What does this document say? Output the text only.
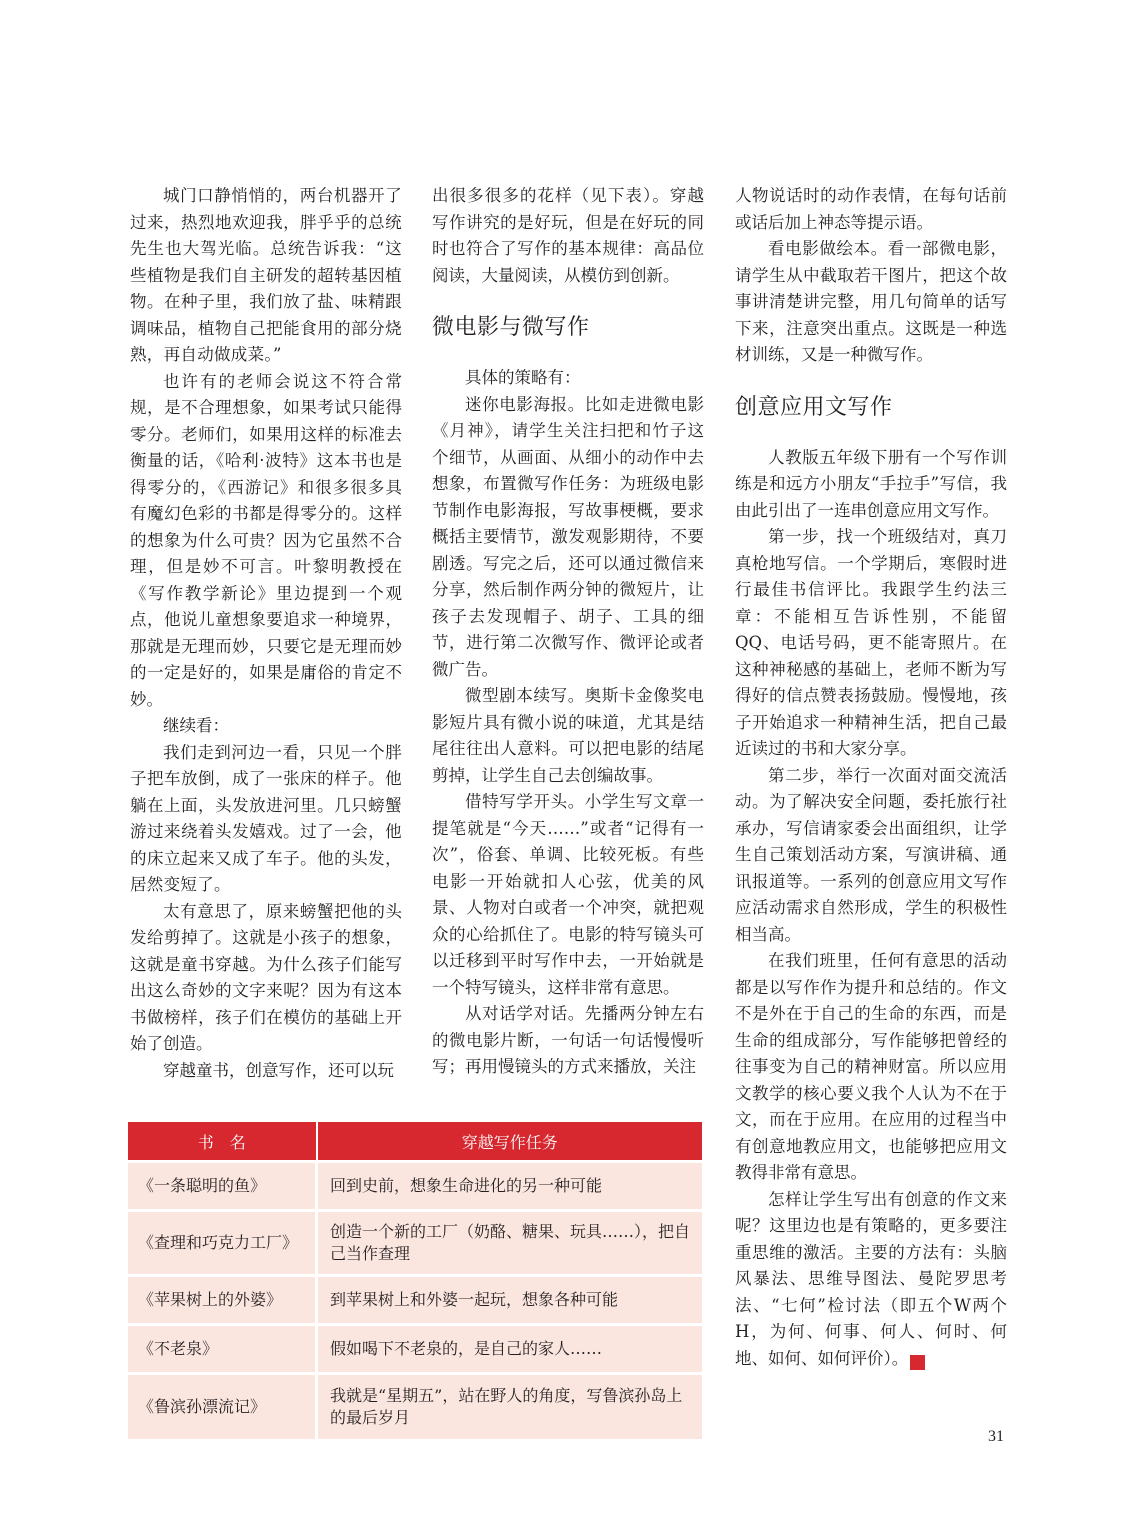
城门口静悄悄的，两台机器开了过来，热烈地欢迎我，胖乎乎的总统先生也大驾光临。总统告诉我：“这些植物是我们自主研发的超转基因植物。在种子里，我们放了盐、味精跟调味品，植物自己把能食用的部分烧熟，再自动做成菜。”

也许有的老师会说这不符合常规，是不合理想象，如果考试只能得零分。老师们，如果用这样的标准去衡量的话，《哈利·波特》这本书也是得零分的，《西游记》和很多很多具有魔幻色彩的书都是得零分的。这样的想象为什么可贵？因为它虽然不合理，但是妙不可言。叶黎明教授在《写作教学新论》里边提到一个观点，他说儿童想象要追求一种境界，那就是无理而妙，只要它是无理而妙的一定是好的，如果是庸俗的肯定不妙。

继续看：

我们走到河边一看，只见一个胖子把车放倒，成了一张床的样子。他躺在上面，头发放进河里。几只螃蟹游过来绕着头发嬉戏。过了一会，他的床立起来又成了车子。他的头发，居然变短了。

太有意思了，原来螃蟹把他的头发给剪掉了。这就是小孩子的想象，这就是童书穿越。为什么孩子们能写出这么奇妙的文字来呢？因为有这本书做榜样，孩子们在模仿的基础上开始了创造。

穿越童书，创意写作，还可以玩

出很多很多的花样（见下表）。穿越写作讲究的是好玩，但是在好玩的同时也符合了写作的基本规律：高品位阅读，大量阅读，从模仿到创新。

微电影与微写作

具体的策略有：

迷你电影海报。比如走进微电影《月神》，请学生关注扫把和竹子这个细节，从画面、从细小的动作中去想象，布置微写作任务：为班级电影节制作电影海报，写故事梗概，要求概括主要情节，激发观影期待，不要剧透。写完之后，还可以通过微信来分享，然后制作两分钟的微短片，让孩子去发现帽子、胡子、工具的细节，进行第二次微写作、微评论或者微广告。

微型剧本续写。奥斯卡金像奖电影短片具有微小说的味道，尤其是结尾往往出人意料。可以把电影的结尾剪掉，让学生自己去创编故事。

借特写学开头。小学生写文章一提笔就是“今天……”或者“记得有一次”，俗套、单调、比较死板。有些电影一开始就扣人心弦，优美的风景、人物对白或者一个冲突，就把观众的心给抓住了。电影的特写镜头可以迁移到平时写作中去，一开始就是一个特写镜头，这样非常有意思。

从对话学对话。先播两分钟左右的微电影片断，一句话一句话慢慢听写；再用慢镜头的方式来播放，关注

人物说话时的动作表情，在每句话前或话后加上神态等提示语。

看电影做绘本。看一部微电影，请学生从中截取若干图片，把这个故事讲清楚讲完整，用几句简单的话写下来，注意突出重点。这既是一种选材训练，又是一种微写作。

创意应用文写作

人教版五年级下册有一个写作训练是和远方小朋友“手拉手”写信，我由此引出了一连串创意应用文写作。

第一步，找一个班级结对，真刀真枪地写信。一个学期后，寒假时进行最佳书信评比。我跟学生约法三章：不能相互告诉性别，不能留QQ、电话号码，更不能寄照片。在这种神秘感的基础上，老师不断为写得好的信点赞表扬鼓励。慢慢地，孩子开始追求一种精神生活，把自己最近读过的书和大家分享。

第二步，举行一次面对面交流活动。为了解决安全问题，委托旅行社承办，写信请家委会出面组织，让学生自己策划活动方案，写演讲稿、通讯报道等。一系列的创意应用文写作应活动需求自然形成，学生的积极性相当高。

在我们班里，任何有意思的活动都是以写作作为提升和总结的。作文不是外在于自己的生命的东西，而是生命的组成部分，写作能够把曾经的往事变为自己的精神财富。所以应用文教学的核心要义我个人认为不在于文，而在于应用。在应用的过程当中有创意地教应用文，也能够把应用文教得非常有意思。

怎样让学生写出有创意的作文来呢？这里边也是有策略的，更多要注重思维的激活。主要的方法有：头脑风暴法、思维导图法、曼陀罗思考法、“七何”检讨法（即五个W两个H，为何、何事、何人、何时、何地、如何、如何评价）。	家

书　名	穿越写作任务
《一条聪明的鱼》	回到史前，想象生命进化的另一种可能
《查理和巧克力工厂》	创造一个新的工厂（奶酪、糖果、玩具……），把自己当作查理
《苹果树上的外婆》	到苹果树上和外婆一起玩，想象各种可能
《不老泉》	假如喝下不老泉的，是自己的家人……
《鲁滨孙漂流记》	我就是“星期五”，站在野人的角度，写鲁滨孙岛上的最后岁月
31
